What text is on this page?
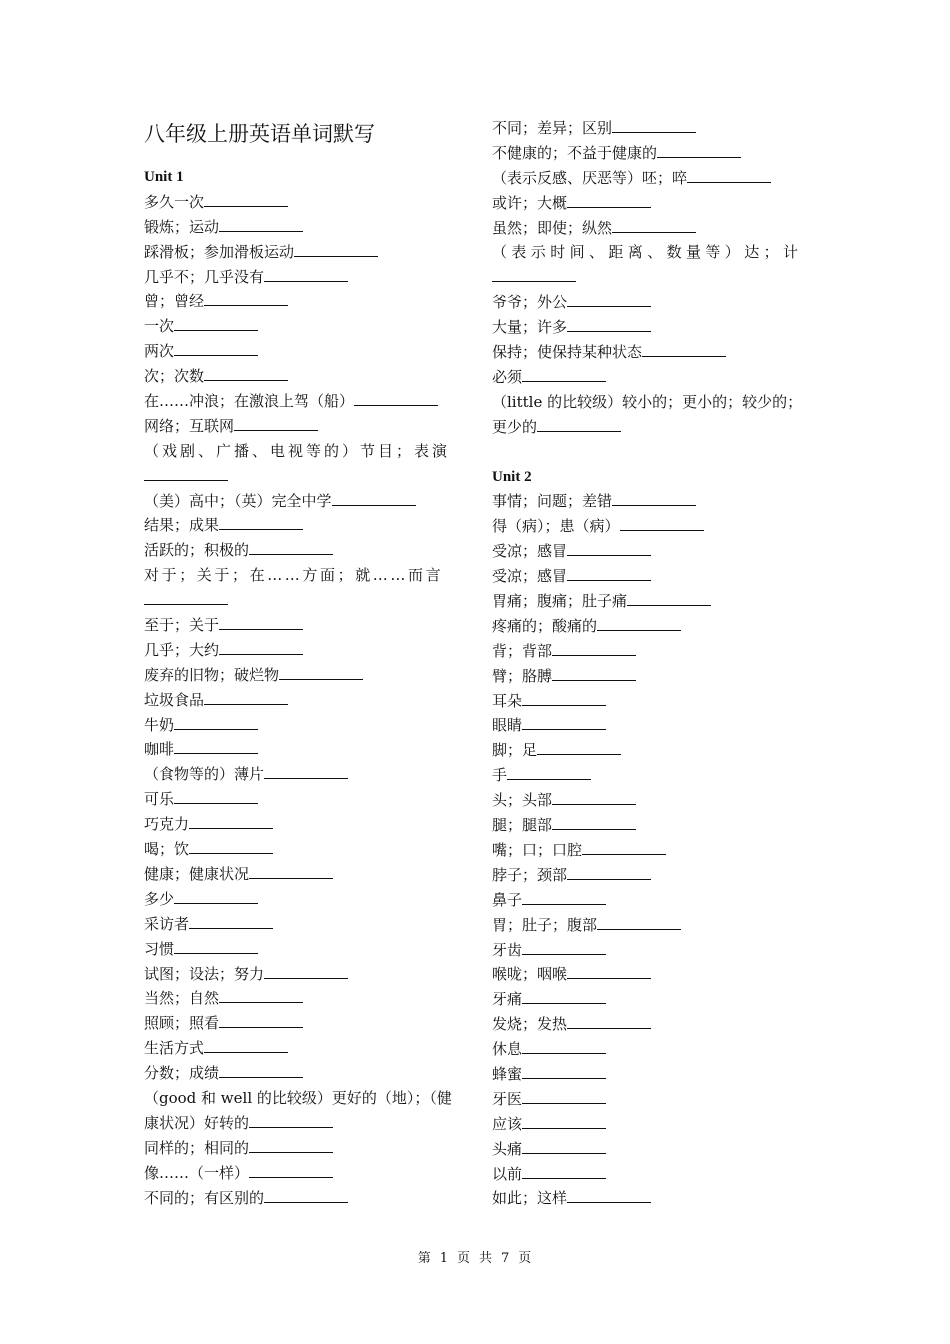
八年级上册英语单词默写
Unit 1
多久一次
锻炼；运动
踩滑板；参加滑板运动
几乎不；几乎没有
曾；曾经
一次
两次
次；次数
在……冲浪；在激浪上驾（船）
网络；互联网
（戏剧、广播、电视等的）节目；表演
（美）高中；（英）完全中学
结果；成果
活跃的；积极的
对于；关于；在……方面；就……而言
至于；关于
几乎；大约
废弃的旧物；破烂物
垃圾食品
牛奶
咖啡
（食物等的）薄片
可乐
巧克力
喝；饮
健康；健康状况
多少
采访者
习惯
试图；设法；努力
当然；自然
照顾；照看
生活方式
分数；成绩
（good 和 well 的比较级）更好的（地）；（健
康状况）好转的
同样的；相同的
像……（一样）
不同的；有区别的
不同；差异；区别
不健康的；不益于健康的
（表示反感、厌恶等）呸；啐
或许；大概
虽然；即使；纵然
（表示时间、距离、数量等）达；计
爷爷；外公
大量；许多
保持；使保持某种状态
必须
（little 的比较级）较小的；更小的；较少的；
更少的
Unit 2
事情；问题；差错
得（病）；患（病）
受凉；感冒
受凉；感冒
胃痛；腹痛；肚子痛
疼痛的；酸痛的
背；背部
臂；胳膊
耳朵
眼睛
脚；足
手
头；头部
腿；腿部
嘴；口；口腔
脖子；颈部
鼻子
胃；肚子；腹部
牙齿
喉咙；咽喉
牙痛
发烧；发热
休息
蜂蜜
牙医
应该
头痛
以前
如此；这样
第 1 页 共 7 页
